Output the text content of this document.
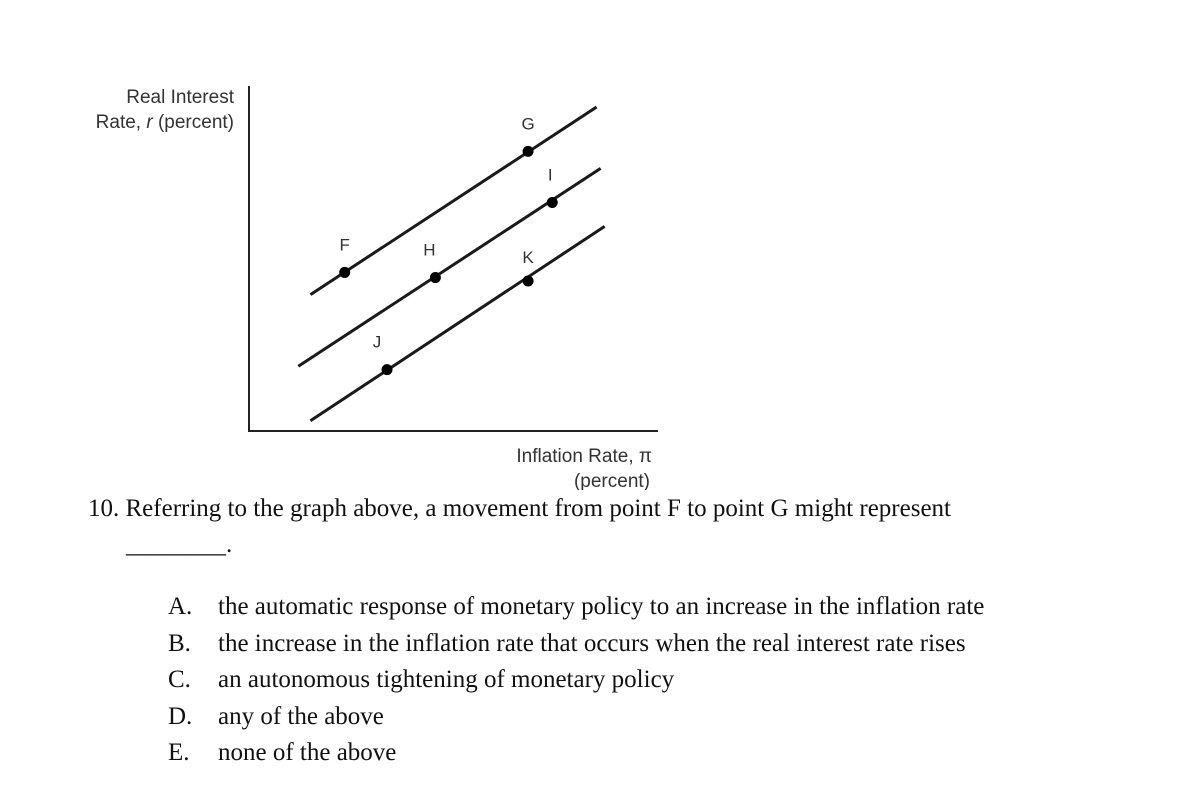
Real Interest
Rate, r (percent)
Inflation Rate, π
(percent)
F
G
H
I
J
K
10. Referring to the graph above, a movement from point F to point G might represent
________.
A. the automatic response of monetary policy to an increase in the inflation rate
B. the increase in the inflation rate that occurs when the real interest rate rises
C. an autonomous tightening of monetary policy
D. any of the above
E. none of the above
